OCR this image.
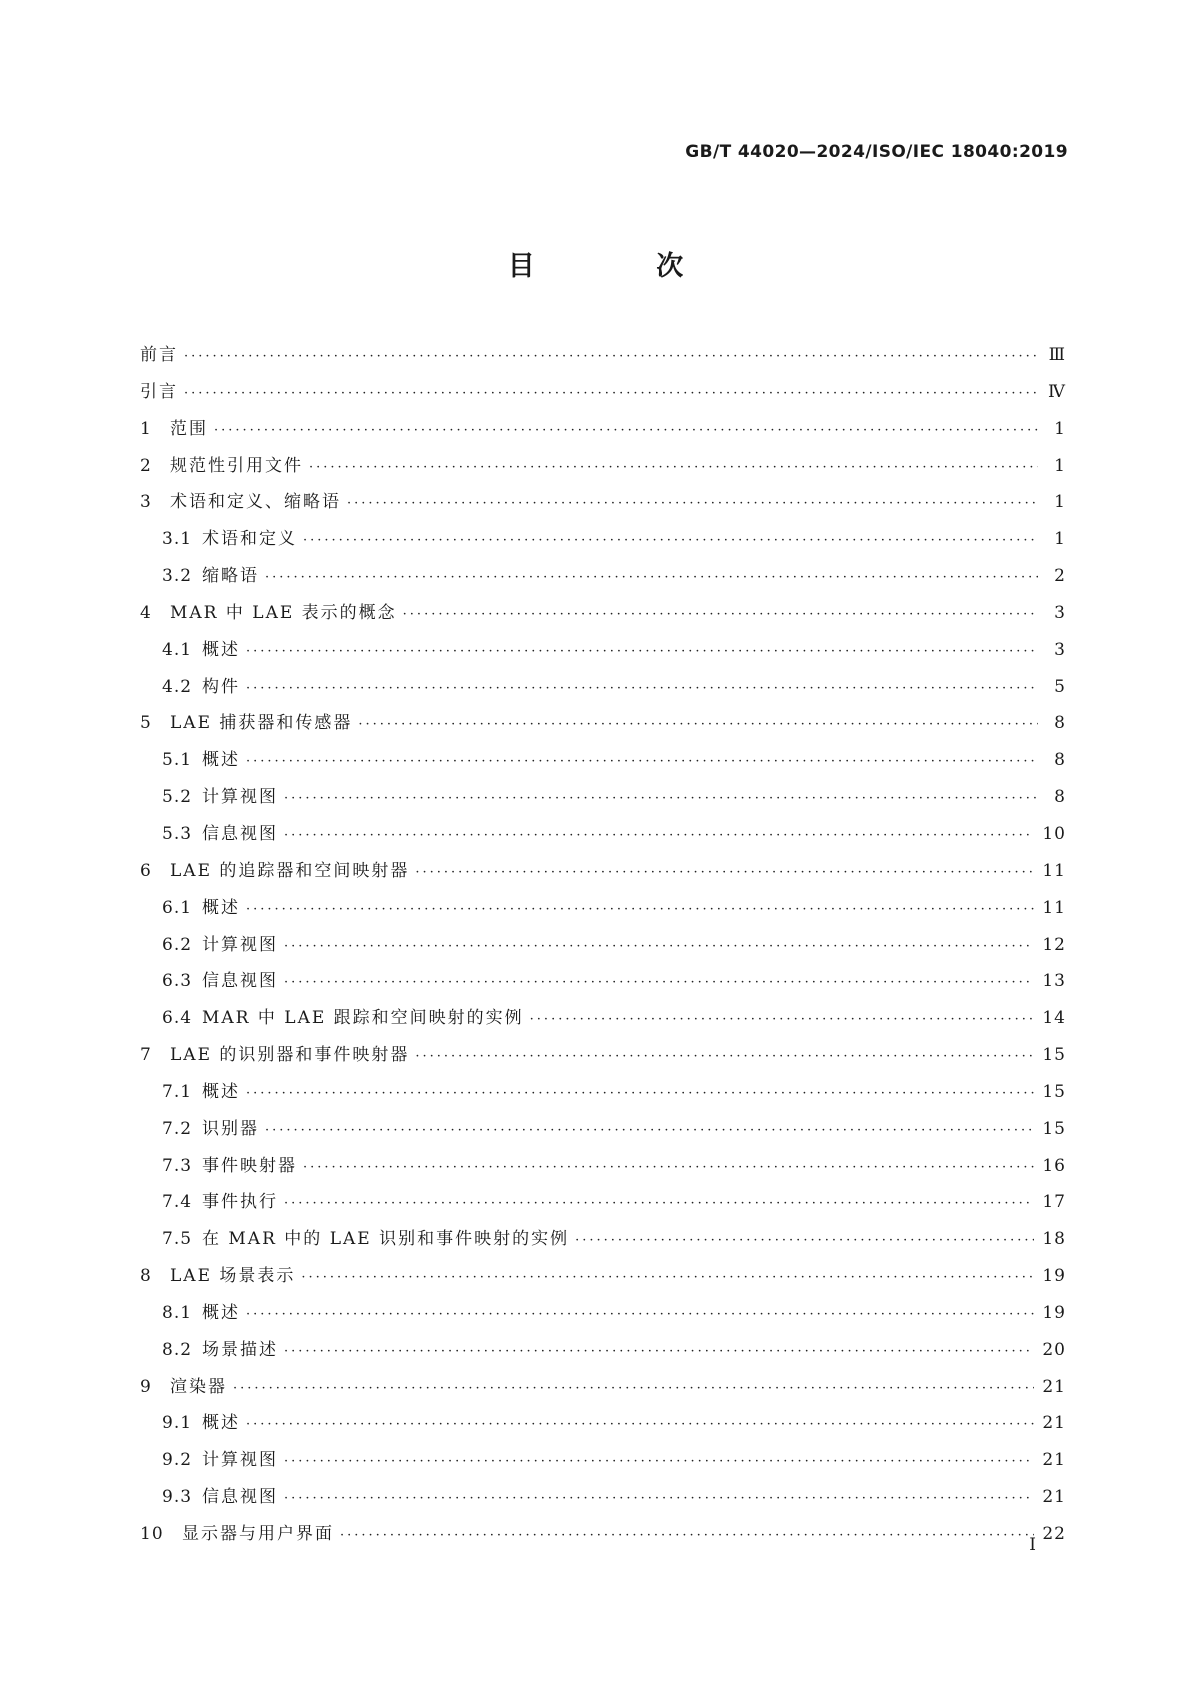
GB/T 44020—2024/ISO/IEC 18040:2019
目 次
前言 ·····	Ⅲ
引言 ·····	Ⅳ
1	范围 ·····	1
2	规范性引用文件 ·····	1
3	术语和定义、缩略语 ·····	1
3.1 术语和定义 ·····	1
3.2 缩略语 ·····	2
4	MAR 中 LAE 表示的概念 ·····	3
4.1 概述 ·····	3
4.2 构件 ·····	5
5	LAE 捕获器和传感器 ·····	8
5.1 概述 ·····	8
5.2 计算视图 ·····	8
5.3 信息视图 ·····	10
6	LAE 的追踪器和空间映射器 ·····	11
6.1 概述 ·····	11
6.2 计算视图 ·····	12
6.3 信息视图 ·····	13
6.4 MAR 中 LAE 跟踪和空间映射的实例 ·····	14
7	LAE 的识别器和事件映射器 ·····	15
7.1 概述 ·····	15
7.2 识别器 ·····	15
7.3 事件映射器 ·····	16
7.4 事件执行 ·····	17
7.5 在 MAR 中的 LAE 识别和事件映射的实例 ·····	18
8	LAE 场景表示 ·····	19
8.1 概述 ·····	19
8.2 场景描述 ·····	20
9	渲染器 ·····	21
9.1 概述 ·····	21
9.2 计算视图 ·····	21
9.3 信息视图 ·····	21
10	显示器与用户界面 ·····	22
Ⅰ
